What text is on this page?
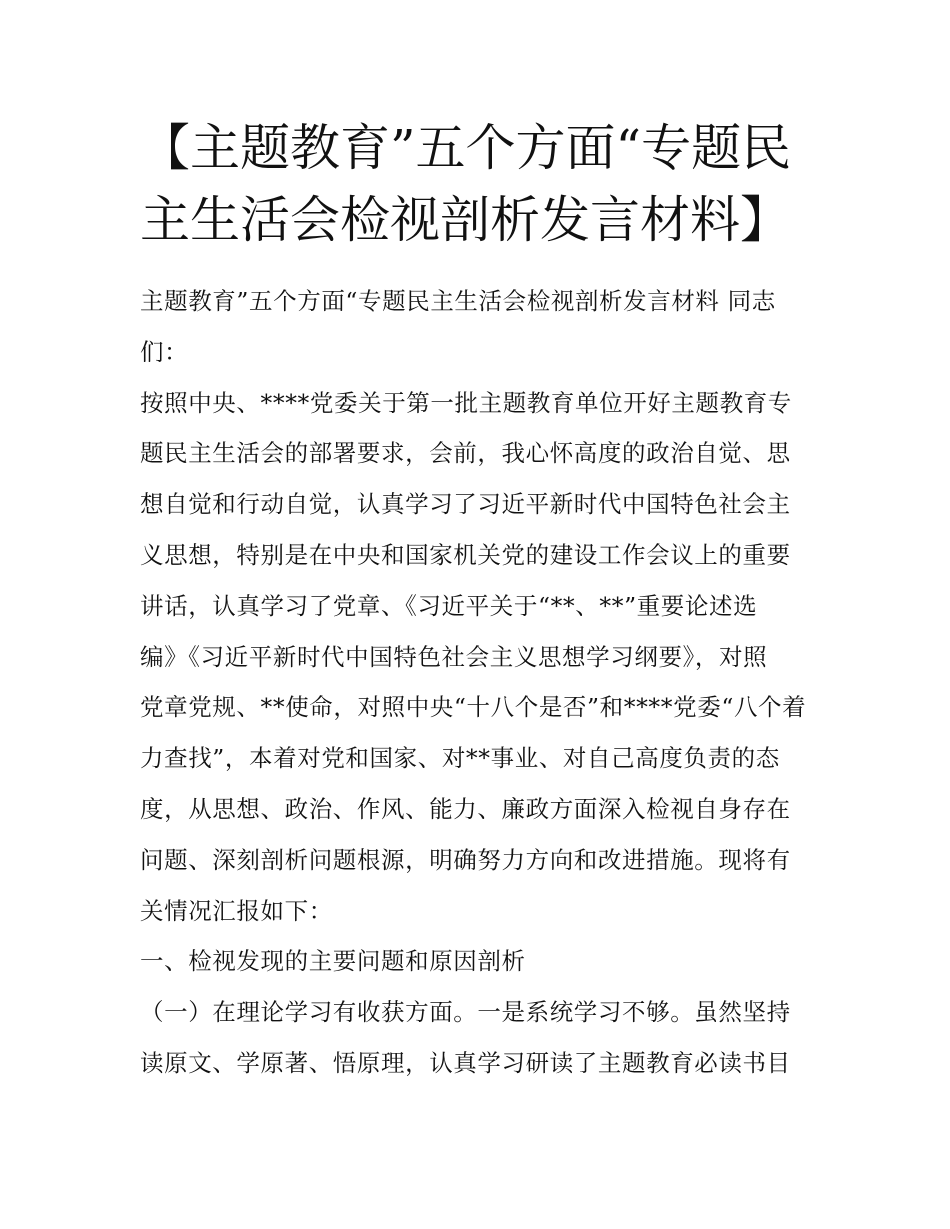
【主题教育”五个方面“专题民
主生活会检视剖析发言材料】
主题教育”五个方面“专题民主生活会检视剖析发言材料 同志
们：
按照中央、****党委关于第一批主题教育单位开好主题教育专
题民主生活会的部署要求，会前，我心怀高度的政治自觉、思
想自觉和行动自觉，认真学习了习近平新时代中国特色社会主
义思想，特别是在中央和国家机关党的建设工作会议上的重要
讲话，认真学习了党章、《习近平关于“**、**”重要论述选
编》《习近平新时代中国特色社会主义思想学习纲要》，对照
党章党规、**使命，对照中央“十八个是否”和****党委“八个着
力查找”，本着对党和国家、对**事业、对自己高度负责的态
度，从思想、政治、作风、能力、廉政方面深入检视自身存在
问题、深刻剖析问题根源，明确努力方向和改进措施。现将有
关情况汇报如下：
一、检视发现的主要问题和原因剖析
（一）在理论学习有收获方面。一是系统学习不够。虽然坚持
读原文、学原著、悟原理，认真学习研读了主题教育必读书目
